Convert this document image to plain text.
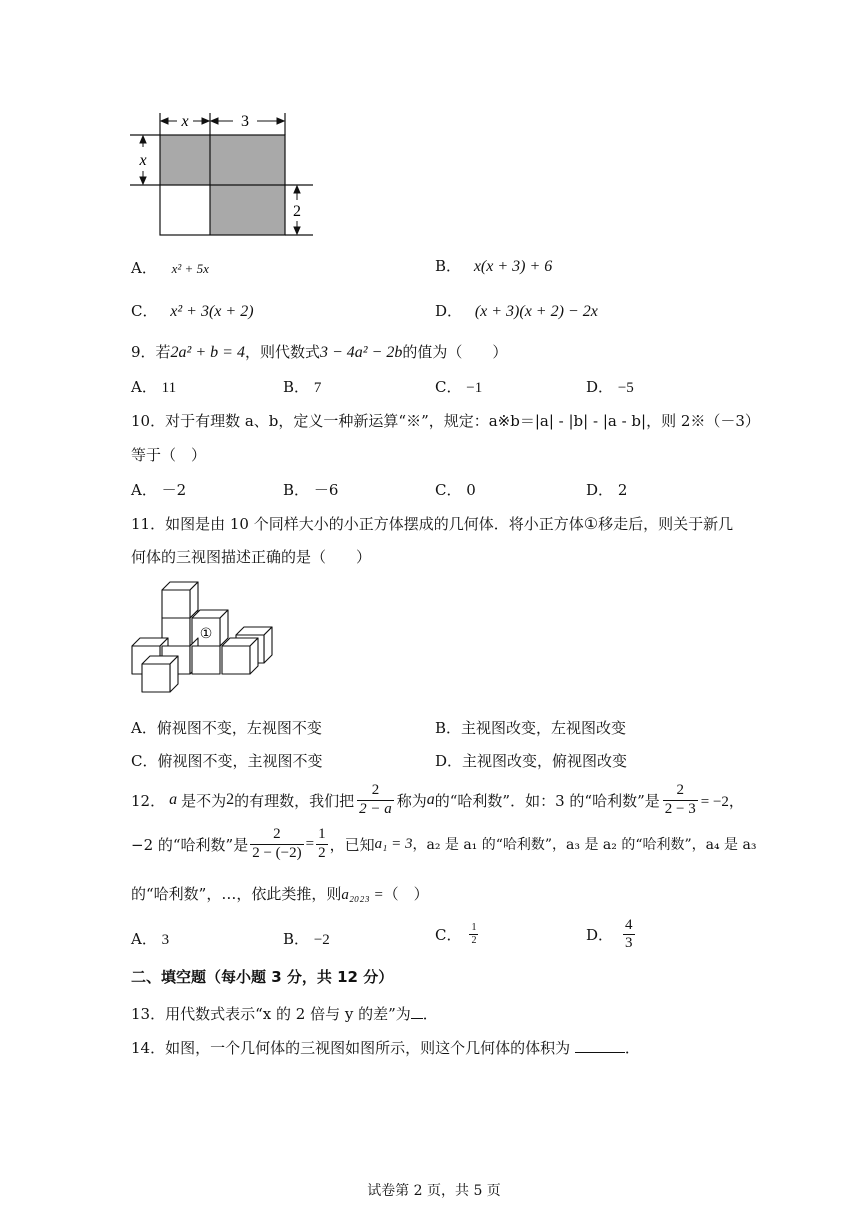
x	3
x
2
A． x² + 5x	B． x(x + 3) + 6
C． x² + 3(x + 2)	D． (x + 3)(x + 2) − 2x
9．若2a² + b = 4，则代数式3 − 4a² − 2b的值为（　　）
A． 11	B． 7	C． −1	D． −5
10．对于有理数 a、b，定义一种新运算“※”，规定：a※b＝|a| - |b| - |a - b|，则 2※（－3）
等于（　）
A． －2	B． －6	C． 0	D． 2
11．如图是由 10 个同样大小的小正方体摆成的几何体．将小正方体①移走后，则关于新几
何体的三视图描述正确的是（　　）
①
A．俯视图不变，左视图不变	B．主视图改变，左视图改变
C．俯视图不变，主视图不变	D．主视图改变，俯视图改变
12． a 是不为 2 的有理数，我们把 $\frac{2}{2 - a}$ 称为 a 的“哈利数”．如：3 的“哈利数”是 $\frac{2}{2 - 3} = -2$，
−2 的“哈利数”是 $\frac{2}{2 - (-2)} = \frac{1}{2}$ ，已知 a₁ = 3 ，a₂ 是 a₁ 的“哈利数”，a₃ 是 a₂ 的“哈利数”，a₄ 是 a₃
的“哈利数”，…，依此类推，则a₂₀₂₃ =（　）
A． 3	B． −2	C． $\frac{1}{2}$	D． $\frac{4}{3}$
二、填空题（每小题 3 分，共 12 分）
13．用代数式表示“x 的 2 倍与 y 的差”为 ．
14．如图，一个几何体的三视图如图所示，则这个几何体的体积为	．
试卷第 2 页，共 5 页
